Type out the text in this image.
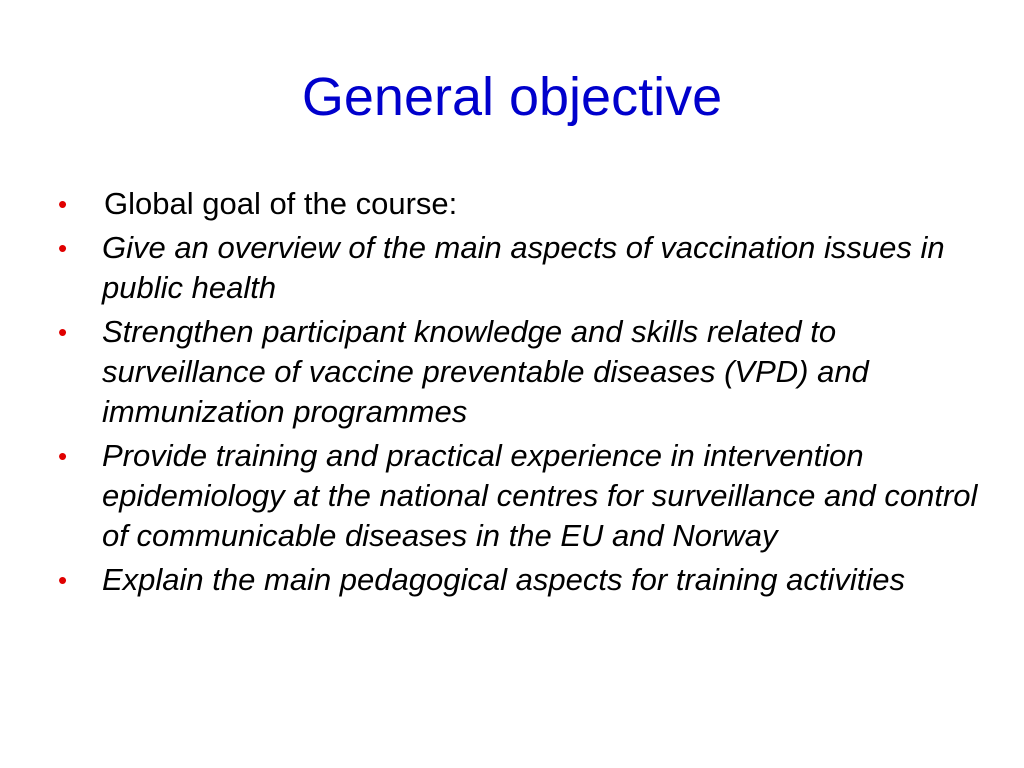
General objective
• Global goal of the course:
• Give an overview of the main aspects of vaccination issues in public health
• Strengthen participant knowledge and skills related to surveillance of vaccine preventable diseases (VPD) and immunization programmes
• Provide training and practical experience in intervention epidemiology at the national centres for surveillance and control of communicable diseases in the EU and Norway
• Explain the main pedagogical aspects for training activities
